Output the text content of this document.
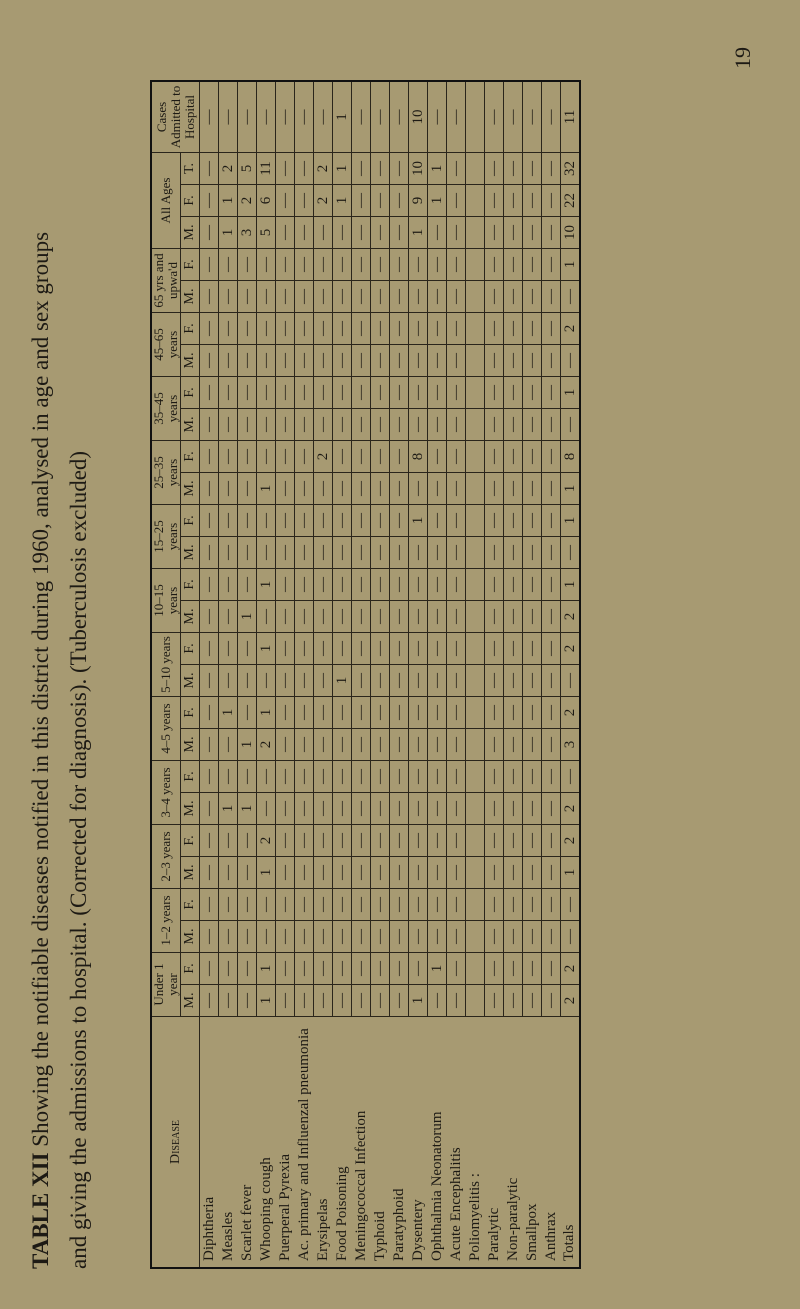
TABLE XII Showing the notifiable diseases notified in this district during 1960, analysed in age and sex groups and giving the admissions to hospital. (Corrected for diagnosis). (Tuberculosis excluded)	Disease	Under 1 year		1–2 years		2–3 years		3–4 years		4–5 years		5–10 years		10–15 years		15–25 years		25–35 years		35–45 years		45–65 years		65 yrs and upwa'd		All Ages			Cases Admitted to Hospital
	M.	F.	M.	F.	M.	F.	M.	F.	M.	F.	M.	F.	M.	F.	M.	F.	M.	F.	M.	F.	M.	F.	M.	F.	M.	F.	T.	
Diphtheria	—	—	—	—	—	—	—	—	—	—	—	—	—	—	—	—	—	—	—	—	—	—	—	—	—	—	—	—
Measles	—	—	—	—	—	—	1	—	—	1	—	—	—	—	—	—	—	—	—	—	—	—	—	—	1	1	2	—
Scarlet fever	—	—	—	—	—	—	1	—	1	—	—	—	1	—	—	—	—	—	—	—	—	—	—	—	3	2	5	—
Whooping cough	1	1	—	—	1	2	—	—	2	1	—	1	—	1	—	—	1	—	—	—	—	—	—	—	5	6	11	—
Puerperal Pyrexia	—	—	—	—	—	—	—	—	—	—	—	—	—	—	—	—	—	—	—	—	—	—	—	—	—	—	—	—
Ac. primary and Influenzal pneumonia	—	—	—	—	—	—	—	—	—	—	—	—	—	—	—	—	—	—	—	—	—	—	—	—	—	—	—	—
Erysipelas	—	—	—	—	—	—	—	—	—	—	—	—	—	—	—	—	—	2	—	—	—	—	—	—	—	2	2	—
Food Poisoning	—	—	—	—	—	—	—	—	—	—	1	—	—	—	—	—	—	—	—	—	—	—	—	—	—	1	1	1
Meningococcal Infection	—	—	—	—	—	—	—	—	—	—	—	—	—	—	—	—	—	—	—	—	—	—	—	—	—	—	—	—
Typhoid	—	—	—	—	—	—	—	—	—	—	—	—	—	—	—	—	—	—	—	—	—	—	—	—	—	—	—	—
Paratyphoid	—	—	—	—	—	—	—	—	—	—	—	—	—	—	—	—	—	—	—	—	—	—	—	—	—	—	—	—
Dysentery	1	—	—	—	—	—	—	—	—	—	—	—	—	—	—	1	—	8	—	—	—	—	—	—	1	9	10	10
Ophthalmia Neonatorum	—	1	—	—	—	—	—	—	—	—	—	—	—	—	—	—	—	—	—	—	—	—	—	—	—	1	1	—
Acute Encephalitis	—	—	—	—	—	—	—	—	—	—	—	—	—	—	—	—	—	—	—	—	—	—	—	—	—	—	—	—
Poliomyelitis :																												
Paralytic	—	—	—	—	—	—	—	—	—	—	—	—	—	—	—	—	—	—	—	—	—	—	—	—	—	—	—	—
Non-paralytic	—	—	—	—	—	—	—	—	—	—	—	—	—	—	—	—	—	—	—	—	—	—	—	—	—	—	—	—
Smallpox	—	—	—	—	—	—	—	—	—	—	—	—	—	—	—	—	—	—	—	—	—	—	—	—	—	—	—	—
Anthrax	—	—	—	—	—	—	—	—	—	—	—	—	—	—	—	—	—	—	—	—	—	—	—	—	—	—	—	—
Totals	2	2	—	—	1	2	2	—	3	2	—	2	2	1	—	1	1	8	—	1	—	2	—	1	10	22	32	11
19
